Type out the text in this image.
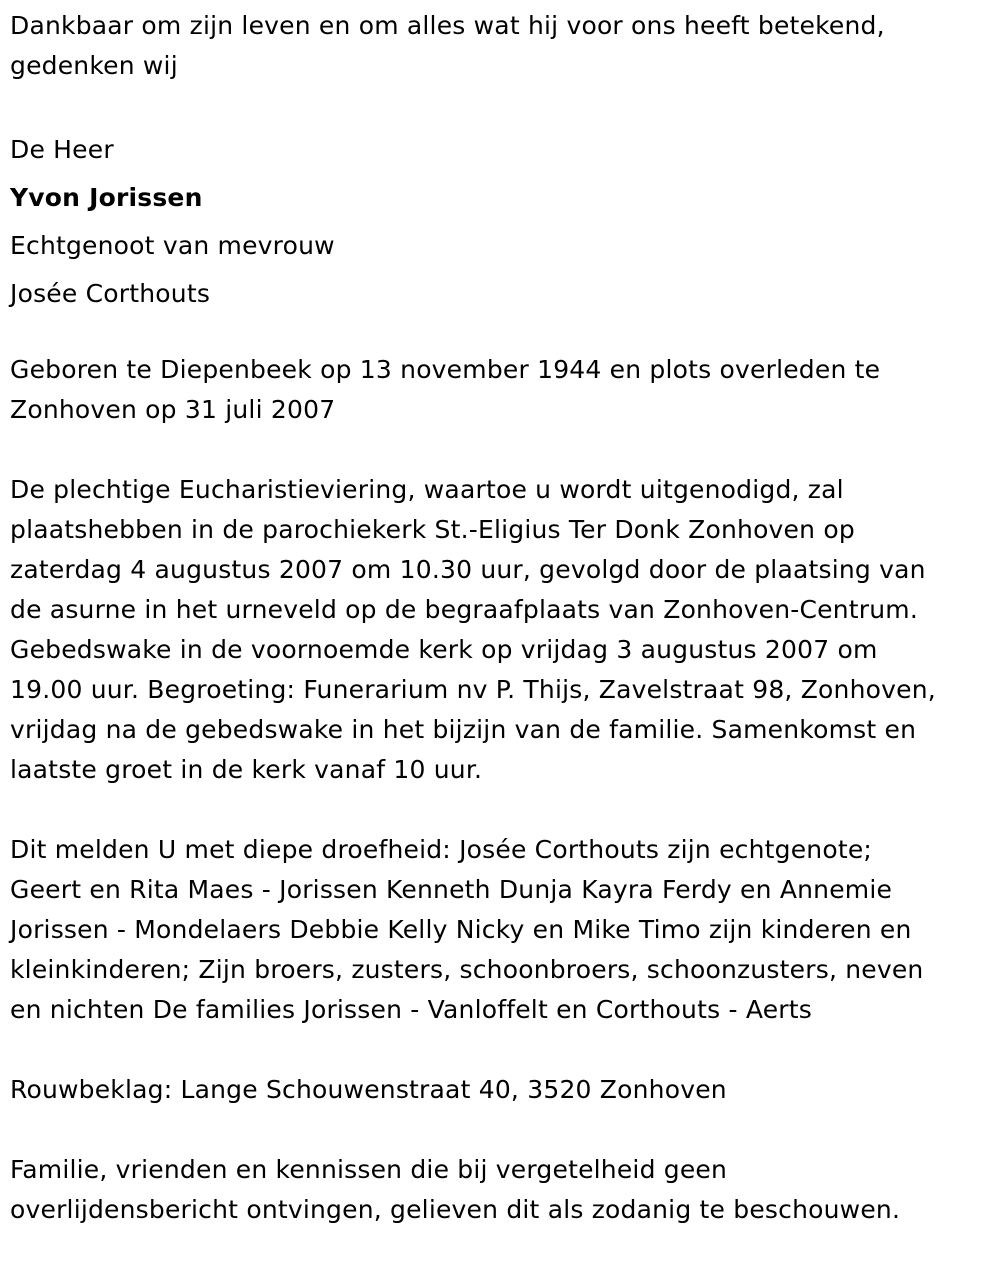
Dankbaar om zijn leven en om alles wat hij voor ons heeft betekend,
gedenken wij

De Heer
Yvon Jorissen
Echtgenoot van mevrouw
Josée Corthouts

Geboren te Diepenbeek op 13 november 1944 en plots overleden te
Zonhoven op 31 juli 2007

De plechtige Eucharistieviering, waartoe u wordt uitgenodigd, zal
plaatshebben in de parochiekerk St.-Eligius Ter Donk Zonhoven op
zaterdag 4 augustus 2007 om 10.30 uur, gevolgd door de plaatsing van
de asurne in het urneveld op de begraafplaats van Zonhoven-Centrum.
Gebedswake in de voornoemde kerk op vrijdag 3 augustus 2007 om
19.00 uur. Begroeting: Funerarium nv P. Thijs, Zavelstraat 98, Zonhoven,
vrijdag na de gebedswake in het bijzijn van de familie. Samenkomst en
laatste groet in de kerk vanaf 10 uur.

Dit melden U met diepe droefheid: Josée Corthouts zijn echtgenote;
Geert en Rita Maes - Jorissen Kenneth Dunja Kayra Ferdy en Annemie
Jorissen - Mondelaers Debbie Kelly Nicky en Mike Timo zijn kinderen en
kleinkinderen; Zijn broers, zusters, schoonbroers, schoonzusters, neven
en nichten De families Jorissen - Vanloffelt en Corthouts - Aerts

Rouwbeklag: Lange Schouwenstraat 40, 3520 Zonhoven

Familie, vrienden en kennissen die bij vergetelheid geen
overlijdensbericht ontvingen, gelieven dit als zodanig te beschouwen.
